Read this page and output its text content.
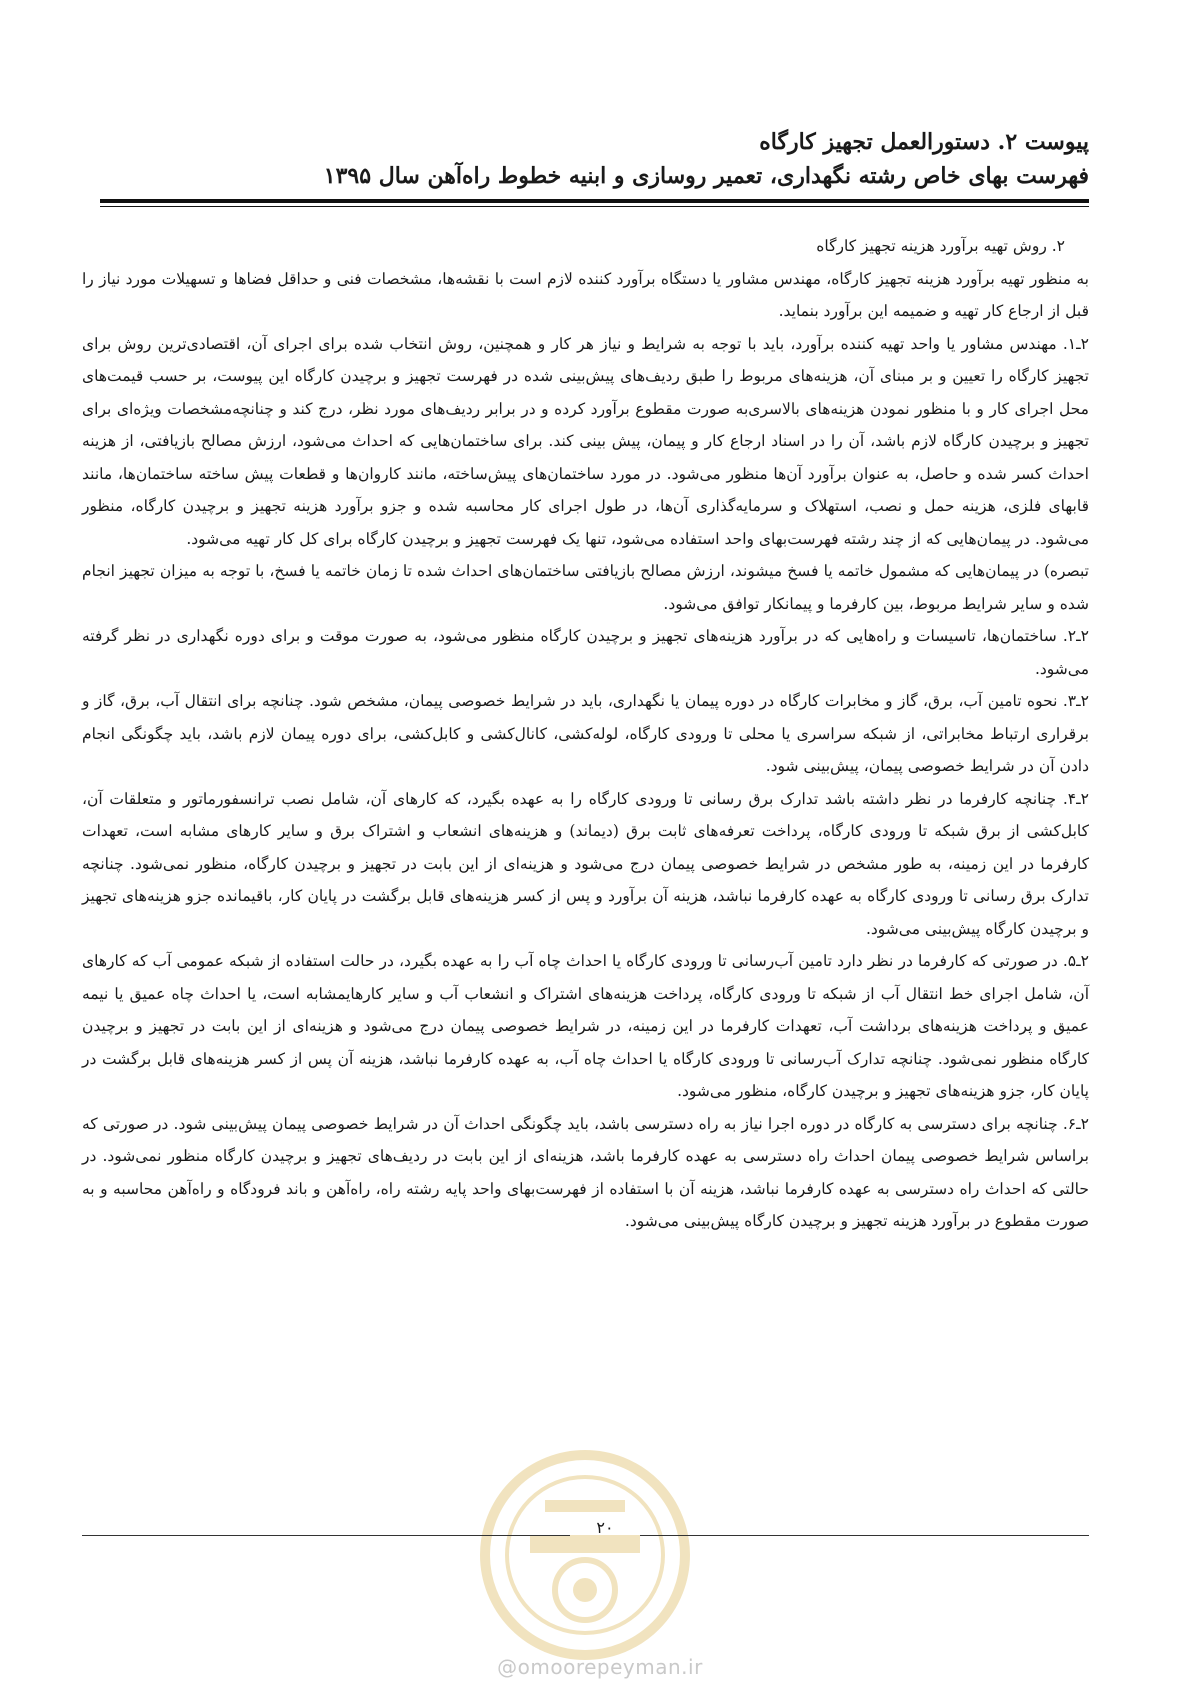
پیوست ۲. دستورالعمل تجهیز کارگاه
فهرست بهای خاص رشته نگهداری، تعمیر روسازی و ابنیه خطوط راه‌آهن سال ۱۳۹۵

۲. روش تهیه برآورد هزینه تجهیز کارگاه

به منظور تهیه برآورد هزینه تجهیز کارگاه، مهندس مشاور یا دستگاه برآورد کننده لازم است با نقشه‌ها، مشخصات فنی و حداقل فضاها و تسهیلات مورد نیاز را قبل از ارجاع کار تهیه و ضمیمه این برآورد بنماید.

۲ـ۱. مهندس مشاور یا واحد تهیه کننده برآورد، باید با توجه به شرایط و نیاز هر کار و همچنین، روش انتخاب شده برای اجرای آن، اقتصادی‌ترین روش برای تجهیز کارگاه را تعیین و بر مبنای آن، هزینه‌های مربوط را طبق ردیف‌های پیش‌بینی شده در فهرست تجهیز و برچیدن کارگاه این پیوست، بر حسب قیمت‌های محل اجرای کار و با منظور نمودن هزینه‌های بالاسری‌به صورت مقطوع برآورد کرده و در برابر ردیف‌های مورد نظر، درج کند و چنانچه‌مشخصات ویژه‌ای برای تجهیز و برچیدن کارگاه لازم باشد، آن را در اسناد ارجاع کار و پیمان، پیش بینی کند. برای ساختمان‌هایی که احداث می‌شود، ارزش مصالح بازیافتی، از هزینه احداث کسر شده و حاصل، به عنوان برآورد آن‌ها منظور می‌شود. در مورد ساختمان‌های پیش‌ساخته، مانند کاروان‌ها و قطعات پیش ساخته ساختمان‌ها، مانند قابهای فلزی، هزینه حمل و نصب، استهلاک و سرمایه‌گذاری آن‌ها، در طول اجرای کار محاسبه شده و جزو برآورد هزینه تجهیز و برچیدن کارگاه، منظور می‌شود. در پیمان‌هایی که از چند رشته فهرست‌بهای واحد استفاده می‌شود، تنها یک فهرست تجهیز و برچیدن کارگاه برای کل کار تهیه می‌شود.

تبصره) در پیمان‌هایی که مشمول خاتمه یا فسخ میشوند، ارزش مصالح بازیافتی ساختمان‌های احداث شده تا زمان خاتمه یا فسخ، با توجه به میزان تجهیز انجام شده و سایر شرایط مربوط، بین کارفرما و پیمانکار توافق می‌شود.

۲ـ۲. ساختمان‌ها، تاسیسات و راه‌هایی که در برآورد هزینه‌های تجهیز و برچیدن کارگاه منظور می‌شود، به صورت موقت و برای دوره نگهداری در نظر گرفته می‌شود.

۲ـ۳. نحوه تامین آب، برق، گاز و مخابرات کارگاه در دوره پیمان یا نگهداری، باید در شرایط خصوصی پیمان، مشخص شود. چنانچه برای انتقال آب، برق، گاز و برقراری ارتباط مخابراتی، از شبکه سراسری یا محلی تا ورودی کارگاه، لوله‌کشی، کانال‌کشی و کابل‌کشی، برای دوره پیمان لازم باشد، باید چگونگی انجام دادن آن در شرایط خصوصی پیمان، پیش‌بینی شود.

۲ـ۴. چنانچه کارفرما در نظر داشته باشد تدارک برق رسانی تا ورودی کارگاه را به عهده بگیرد، که کارهای آن، شامل نصب ترانسفورماتور و متعلقات آن، کابل‌کشی از برق شبکه تا ورودی کارگاه، پرداخت تعرفه‌های ثابت برق (دیماند) و هزینه‌های انشعاب و اشتراک برق و سایر کارهای مشابه است، تعهدات کارفرما در این زمینه، به طور مشخص در شرایط خصوصی پیمان درج می‌شود و هزینه‌ای از این بابت در تجهیز و برچیدن کارگاه، منظور نمی‌شود. چنانچه تدارک برق رسانی تا ورودی کارگاه به عهده کارفرما نباشد، هزینه آن برآورد و پس از کسر هزینه‌های قابل برگشت در پایان کار، باقیمانده جزو هزینه‌های تجهیز و برچیدن کارگاه پیش‌بینی می‌شود.

۲ـ۵. در صورتی که کارفرما در نظر دارد تامین آب‌رسانی تا ورودی کارگاه یا احداث چاه آب را به عهده بگیرد، در حالت استفاده از شبکه عمومی آب که کارهای آن، شامل اجرای خط انتقال آب از شبکه تا ورودی کارگاه، پرداخت هزینه‌های اشتراک و انشعاب آب و سایر کارهایمشابه است، یا احداث چاه عمیق یا نیمه عمیق و پرداخت هزینه‌های برداشت آب، تعهدات کارفرما در این زمینه، در شرایط خصوصی پیمان درج می‌شود و هزینه‌ای از این بابت در تجهیز و برچیدن کارگاه منظور نمی‌شود. چنانچه تدارک آب‌رسانی تا ورودی کارگاه یا احداث چاه آب، به عهده کارفرما نباشد، هزینه آن پس از کسر هزینه‌های قابل برگشت در پایان کار، جزو هزینه‌های تجهیز و برچیدن کارگاه، منظور می‌شود.

۲ـ۶. چنانچه برای دسترسی به کارگاه در دوره اجرا نیاز به راه دسترسی باشد، باید چگونگی احداث آن در شرایط خصوصی پیمان پیش‌بینی شود. در صورتی که براساس شرایط خصوصی پیمان احداث راه دسترسی به عهده کارفرما باشد، هزینه‌ای از این بابت در ردیف‌های تجهیز و برچیدن کارگاه منظور نمی‌شود. در حالتی که احداث راه دسترسی به عهده کارفرما نباشد، هزینه آن با استفاده از فهرست‌بهای واحد پایه رشته راه، راه‌آهن و باند فرودگاه و راه‌آهن محاسبه و به صورت مقطوع در برآورد هزینه تجهیز و برچیدن کارگاه پیش‌بینی می‌شود.

۲۰
@omoorepeyman.ir
